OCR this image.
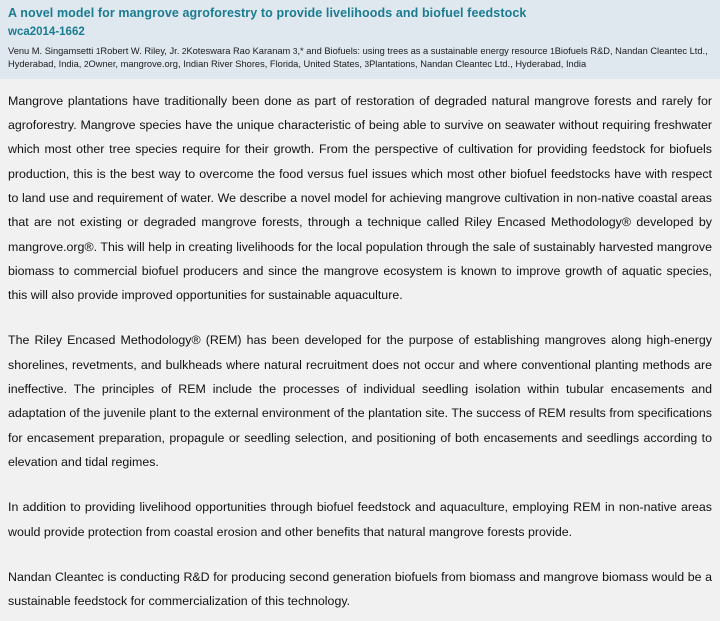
A novel model for mangrove agroforestry to provide livelihoods and biofuel feedstock
wca2014-1662
Venu M. Singamsetti 1Robert W. Riley, Jr. 2Koteswara Rao Karanam 3,* and Biofuels: using trees as a sustainable energy resource 1Biofuels R&D, Nandan Cleantec Ltd., Hyderabad, India, 2Owner, mangrove.org, Indian River Shores, Florida, United States, 3Plantations, Nandan Cleantec Ltd., Hyderabad, India

Mangrove plantations have traditionally been done as part of restoration of degraded natural mangrove forests and rarely for agroforestry. Mangrove species have the unique characteristic of being able to survive on seawater without requiring freshwater which most other tree species require for their growth. From the perspective of cultivation for providing feedstock for biofuels production, this is the best way to overcome the food versus fuel issues which most other biofuel feedstocks have with respect to land use and requirement of water. We describe a novel model for achieving mangrove cultivation in non-native coastal areas that are not existing or degraded mangrove forests, through a technique called Riley Encased Methodology® developed by mangrove.org®. This will help in creating livelihoods for the local population through the sale of sustainably harvested mangrove biomass to commercial biofuel producers and since the mangrove ecosystem is known to improve growth of aquatic species, this will also provide improved opportunities for sustainable aquaculture.

The Riley Encased Methodology® (REM) has been developed for the purpose of establishing mangroves along high-energy shorelines, revetments, and bulkheads where natural recruitment does not occur and where conventional planting methods are ineffective. The principles of REM include the processes of individual seedling isolation within tubular encasements and adaptation of the juvenile plant to the external environment of the plantation site. The success of REM results from specifications for encasement preparation, propagule or seedling selection, and positioning of both encasements and seedlings according to elevation and tidal regimes.

In addition to providing livelihood opportunities through biofuel feedstock and aquaculture, employing REM in non-native areas would provide protection from coastal erosion and other benefits that natural mangrove forests provide.

Nandan Cleantec is conducting R&D for producing second generation biofuels from biomass and mangrove biomass would be a sustainable feedstock for commercialization of this technology.
